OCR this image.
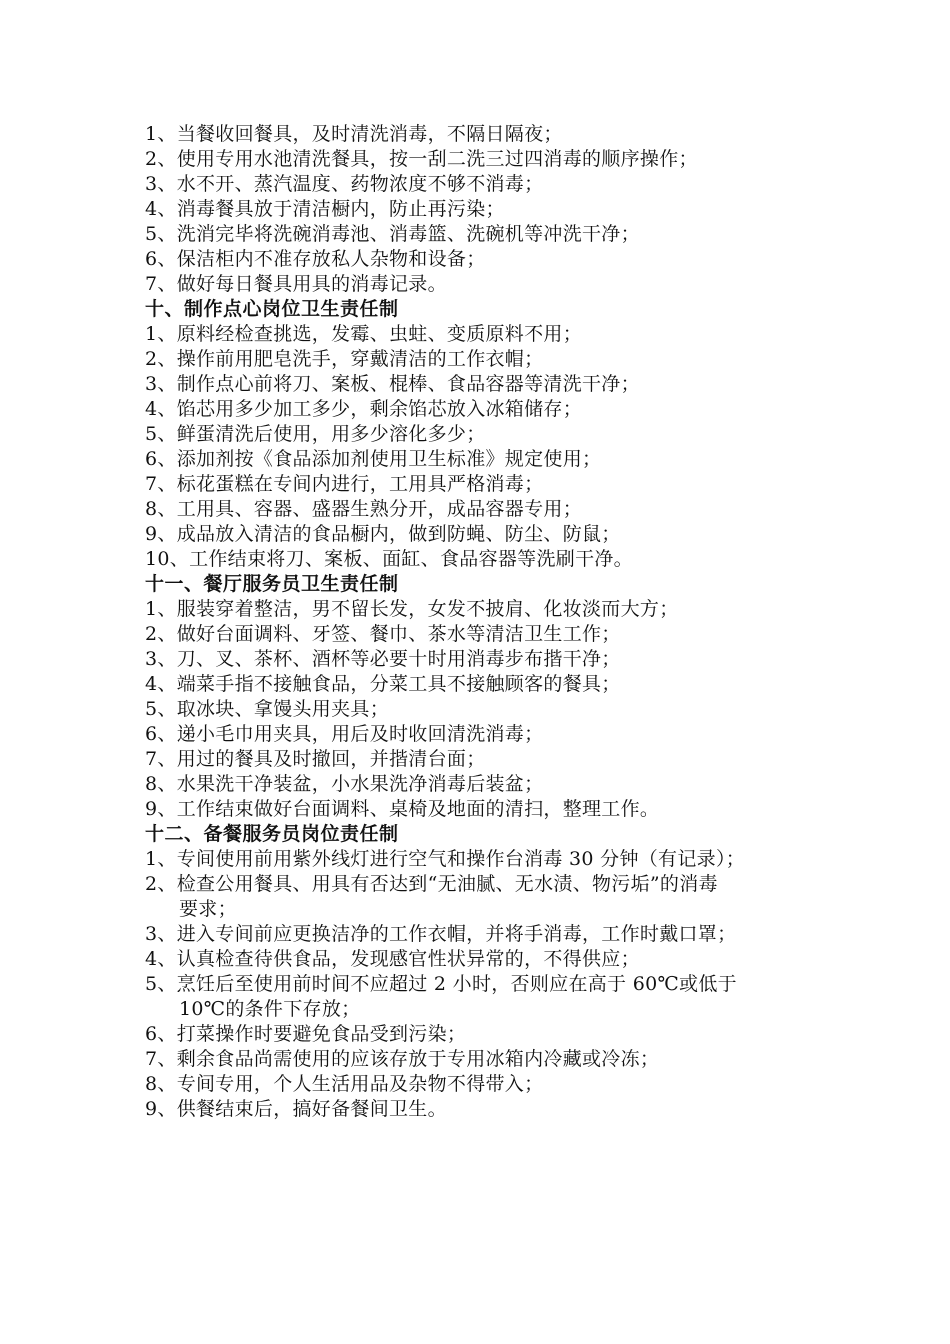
1、当餐收回餐具，及时清洗消毒，不隔日隔夜；
2、使用专用水池清洗餐具，按一刮二洗三过四消毒的顺序操作；
3、水不开、蒸汽温度、药物浓度不够不消毒；
4、消毒餐具放于清洁橱内，防止再污染；
5、洗消完毕将洗碗消毒池、消毒篮、洗碗机等冲洗干净；
6、保洁柜内不准存放私人杂物和设备；
7、做好每日餐具用具的消毒记录。
十、制作点心岗位卫生责任制
1、原料经检查挑选，发霉、虫蛀、变质原料不用；
2、操作前用肥皂洗手，穿戴清洁的工作衣帽；
3、制作点心前将刀、案板、棍棒、食品容器等清洗干净；
4、馅芯用多少加工多少，剩余馅芯放入冰箱储存；
5、鲜蛋清洗后使用，用多少溶化多少；
6、添加剂按《食品添加剂使用卫生标准》规定使用；
7、标花蛋糕在专间内进行，工用具严格消毒；
8、工用具、容器、盛器生熟分开，成品容器专用；
9、成品放入清洁的食品橱内，做到防蝇、防尘、防鼠；
10、工作结束将刀、案板、面缸、食品容器等洗刷干净。
十一、餐厅服务员卫生责任制
1、服装穿着整洁，男不留长发，女发不披肩、化妆淡而大方；
2、做好台面调料、牙签、餐巾、茶水等清洁卫生工作；
3、刀、叉、茶杯、酒杯等必要十时用消毒步布揩干净；
4、端菜手指不接触食品，分菜工具不接触顾客的餐具；
5、取冰块、拿馒头用夹具；
6、递小毛巾用夹具，用后及时收回清洗消毒；
7、用过的餐具及时撤回，并揩清台面；
8、水果洗干净装盆，小水果洗净消毒后装盆；
9、工作结束做好台面调料、桌椅及地面的清扫，整理工作。
十二、备餐服务员岗位责任制
1、专间使用前用紫外线灯进行空气和操作台消毒 30 分钟（有记录）；
2、检查公用餐具、用具有否达到“无油腻、无水渍、物污垢”的消毒
要求；
3、进入专间前应更换洁净的工作衣帽，并将手消毒，工作时戴口罩；
4、认真检查待供食品，发现感官性状异常的，不得供应；
5、烹饪后至使用前时间不应超过 2 小时，否则应在高于 60℃或低于
10℃的条件下存放；
6、打菜操作时要避免食品受到污染；
7、剩余食品尚需使用的应该存放于专用冰箱内冷藏或冷冻；
8、专间专用，个人生活用品及杂物不得带入；
9、供餐结束后，搞好备餐间卫生。
